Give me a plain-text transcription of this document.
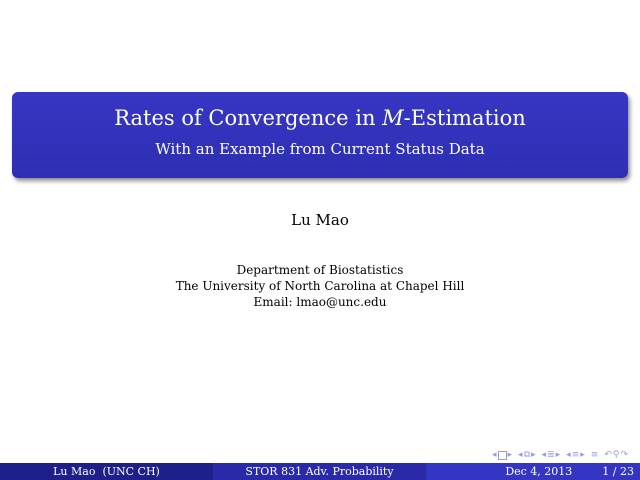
Rates of Convergence in M-Estimation
With an Example from Current Status Data
Lu Mao
Department of Biostatistics
The University of North Carolina at Chapel Hill
Email: lmao@unc.edu
◂ ▸ ◂ ⧉ ▸ ◂ ≣ ▸ ◂ ≡ ▸ ≡ ↶ ⚲ ↷
Lu Mao  (UNC CH)	STOR 831 Adv. Probability	Dec 4, 2013	1 / 23
